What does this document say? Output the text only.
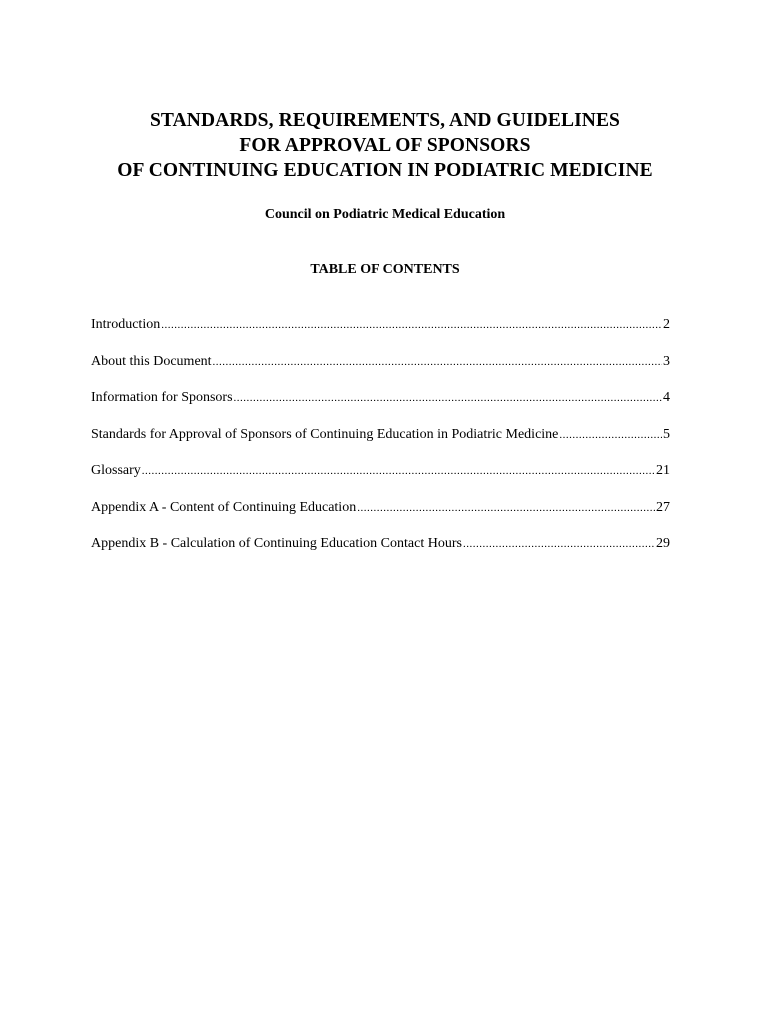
STANDARDS, REQUIREMENTS, AND GUIDELINES
FOR APPROVAL OF SPONSORS
OF CONTINUING EDUCATION IN PODIATRIC MEDICINE
Council on Podiatric Medical Education
TABLE OF CONTENTS
Introduction .....	2
About this Document .....	3
Information for Sponsors .....	4
Standards for Approval of Sponsors of Continuing Education in Podiatric Medicine .....	5
Glossary .....	21
Appendix A - Content of Continuing Education .....	27
Appendix B - Calculation of Continuing Education Contact Hours .....	29
